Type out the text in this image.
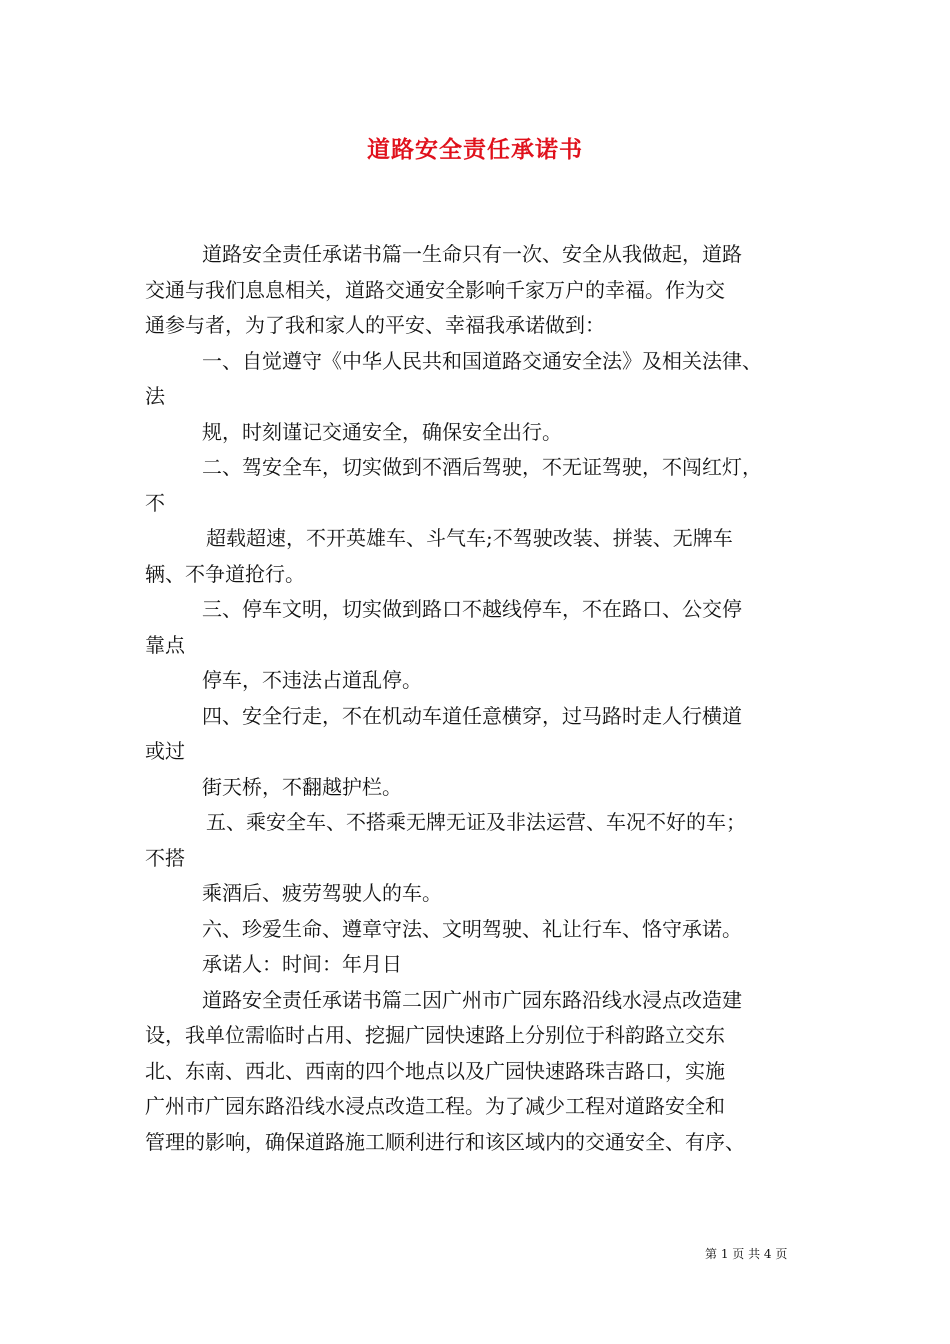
道路安全责任承诺书

道路安全责任承诺书篇一生命只有一次、安全从我做起，道路

交通与我们息息相关，道路交通安全影响千家万户的幸福。作为交

通参与者，为了我和家人的平安、幸福我承诺做到：

一、自觉遵守《中华人民共和国道路交通安全法》及相关法律、

法

规，时刻谨记交通安全，确保安全出行。

二、驾安全车，切实做到不酒后驾驶，不无证驾驶，不闯红灯，

不

超载超速，不开英雄车、斗气车;不驾驶改装、拼装、无牌车

辆、不争道抢行。

三、停车文明，切实做到路口不越线停车，不在路口、公交停

靠点

停车，不违法占道乱停。

四、安全行走，不在机动车道任意横穿，过马路时走人行横道

或过

街天桥，不翻越护栏。

五、乘安全车、不搭乘无牌无证及非法运营、车况不好的车；

不搭

乘酒后、疲劳驾驶人的车。

六、珍爱生命、遵章守法、文明驾驶、礼让行车、恪守承诺。

承诺人：时间：年月日

道路安全责任承诺书篇二因广州市广园东路沿线水浸点改造建

设，我单位需临时占用、挖掘广园快速路上分别位于科韵路立交东

北、东南、西北、西南的四个地点以及广园快速路珠吉路口，实施

广州市广园东路沿线水浸点改造工程。为了减少工程对道路安全和

管理的影响，确保道路施工顺利进行和该区域内的交通安全、有序、

第 1 页 共 4 页
